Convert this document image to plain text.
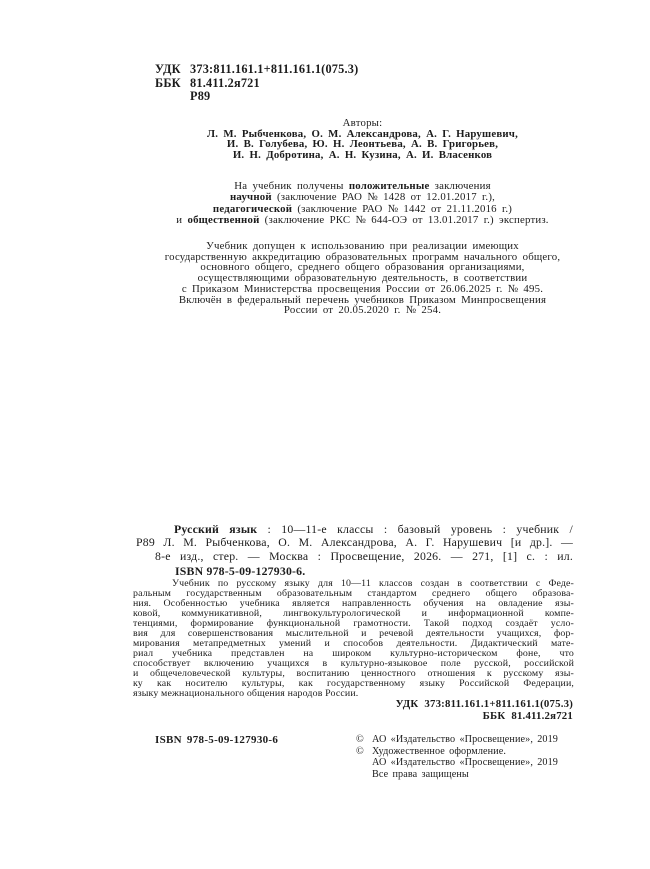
УДК 373:811.161.1+811.161.1(075.3)
ББК 81.411.2я721
Р89
Авторы:
Л. М. Рыбченкова, О. М. Александрова, А. Г. Нарушевич,
И. В. Голубева, Ю. Н. Леонтьева, А. В. Григорьев,
И. Н. Добротина, А. Н. Кузина, А. И. Власенков
На учебник получены положительные заключения
научной (заключение РАО № 1428 от 12.01.2017 г.),
педагогической (заключение РАО № 1442 от 21.11.2016 г.)
и общественной (заключение РКС № 644-ОЭ от 13.01.2017 г.) экспертиз.
Учебник допущен к использованию при реализации имеющих
государственную аккредитацию образовательных программ начального общего,
основного общего, среднего общего образования организациями,
осуществляющими образовательную деятельность, в соответствии
с Приказом Министерства просвещения России от 26.06.2025 г. № 495.
Включён в федеральный перечень учебников Приказом Минпросвещения
России от 20.05.2020 г. № 254.
Русский язык : 10—11-е классы : базовый уровень : учебник /
Р89 Л. М. Рыбченкова, О. М. Александрова, А. Г. Нарушевич [и др.]. —
8-е изд., стер. — Москва : Просвещение, 2026. — 271, [1] с. : ил.
ISBN 978-5-09-127930-6.
Учебник по русскому языку для 10—11 классов создан в соответствии с Феде-
ральным государственным образовательным стандартом среднего общего образова-
ния. Особенностью учебника является направленность обучения на овладение язы-
ковой, коммуникативной, лингвокультурологической и информационной компе-
тенциями, формирование функциональной грамотности. Такой подход создаёт усло-
вия для совершенствования мыслительной и речевой деятельности учащихся, фор-
мирования метапредметных умений и способов деятельности. Дидактический мате-
риал учебника представлен на широком культурно-историческом фоне, что
способствует включению учащихся в культурно-языковое поле русской, российской
и общечеловеческой культуры, воспитанию ценностного отношения к русскому язы-
ку как носителю культуры, как государственному языку Российской Федерации,
языку межнационального общения народов России.
УДК 373:811.161.1+811.161.1(075.3)
ББК 81.411.2я721
ISBN 978-5-09-127930-6	© АО «Издательство «Просвещение», 2019
© Художественное оформление.
АО «Издательство «Просвещение», 2019
Все права защищены
